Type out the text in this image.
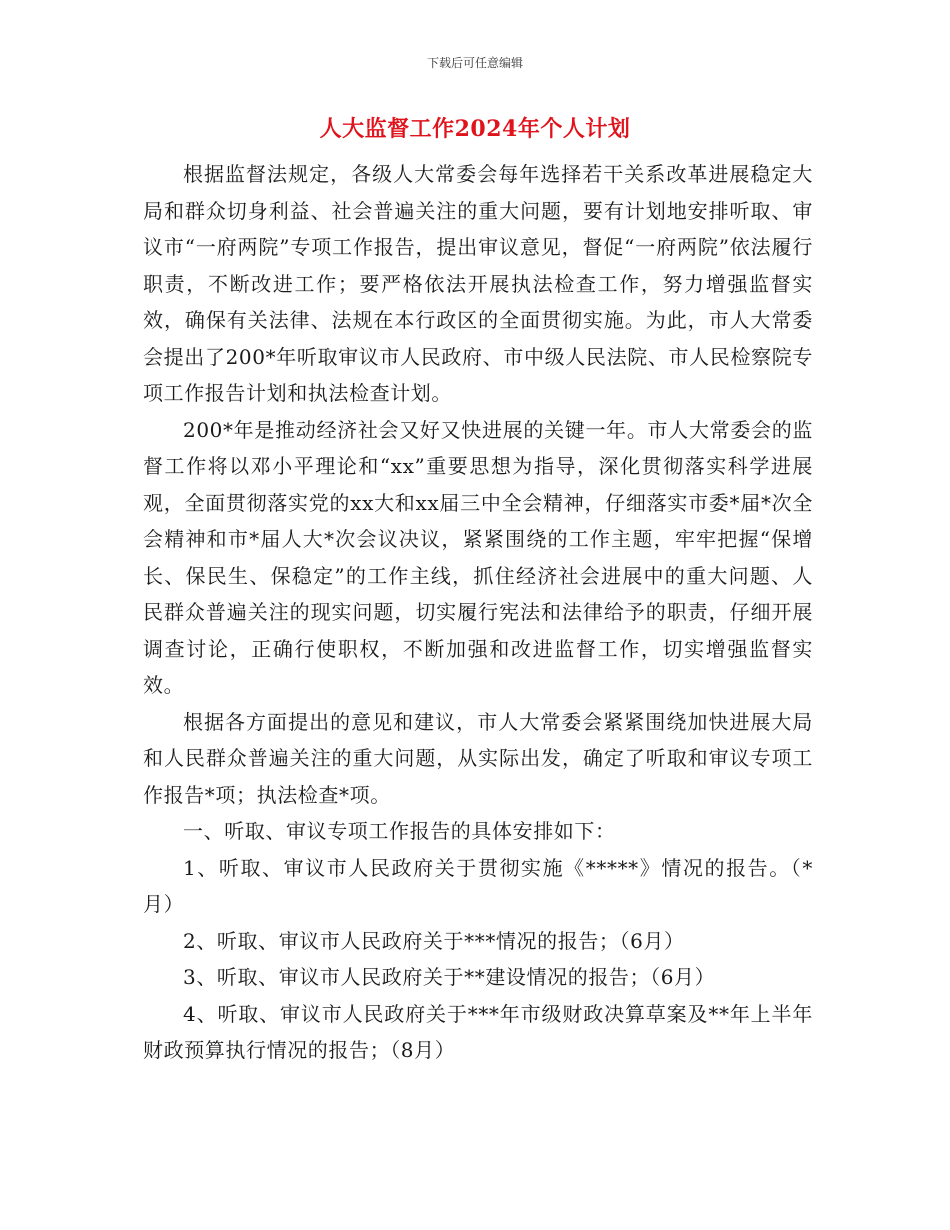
下载后可任意编辑
人大监督工作2024年个人计划

根据监督法规定，各级人大常委会每年选择若干关系改革进展稳定大局和群众切身利益、社会普遍关注的重大问题，要有计划地安排听取、审议市“一府两院”专项工作报告，提出审议意见，督促“一府两院”依法履行职责，不断改进工作；要严格依法开展执法检查工作，努力增强监督实效，确保有关法律、法规在本行政区的全面贯彻实施。为此，市人大常委会提出了200*年听取审议市人民政府、市中级人民法院、市人民检察院专项工作报告计划和执法检查计划。

200*年是推动经济社会又好又快进展的关键一年。市人大常委会的监督工作将以邓小平理论和“xx”重要思想为指导，深化贯彻落实科学进展观，全面贯彻落实党的xx大和xx届三中全会精神，仔细落实市委*届*次全会精神和市*届人大*次会议决议，紧紧围绕的工作主题，牢牢把握“保增长、保民生、保稳定”的工作主线，抓住经济社会进展中的重大问题、人民群众普遍关注的现实问题，切实履行宪法和法律给予的职责，仔细开展调查讨论，正确行使职权，不断加强和改进监督工作，切实增强监督实效。

根据各方面提出的意见和建议，市人大常委会紧紧围绕加快进展大局和人民群众普遍关注的重大问题，从实际出发，确定了听取和审议专项工作报告*项；执法检查*项。

一、听取、审议专项工作报告的具体安排如下：

1、听取、审议市人民政府关于贯彻实施《*****》情况的报告。（*月）

2、听取、审议市人民政府关于***情况的报告；（6月）

3、听取、审议市人民政府关于**建设情况的报告；（6月）

4、听取、审议市人民政府关于***年市级财政决算草案及**年上半年财政预算执行情况的报告；（8月）
